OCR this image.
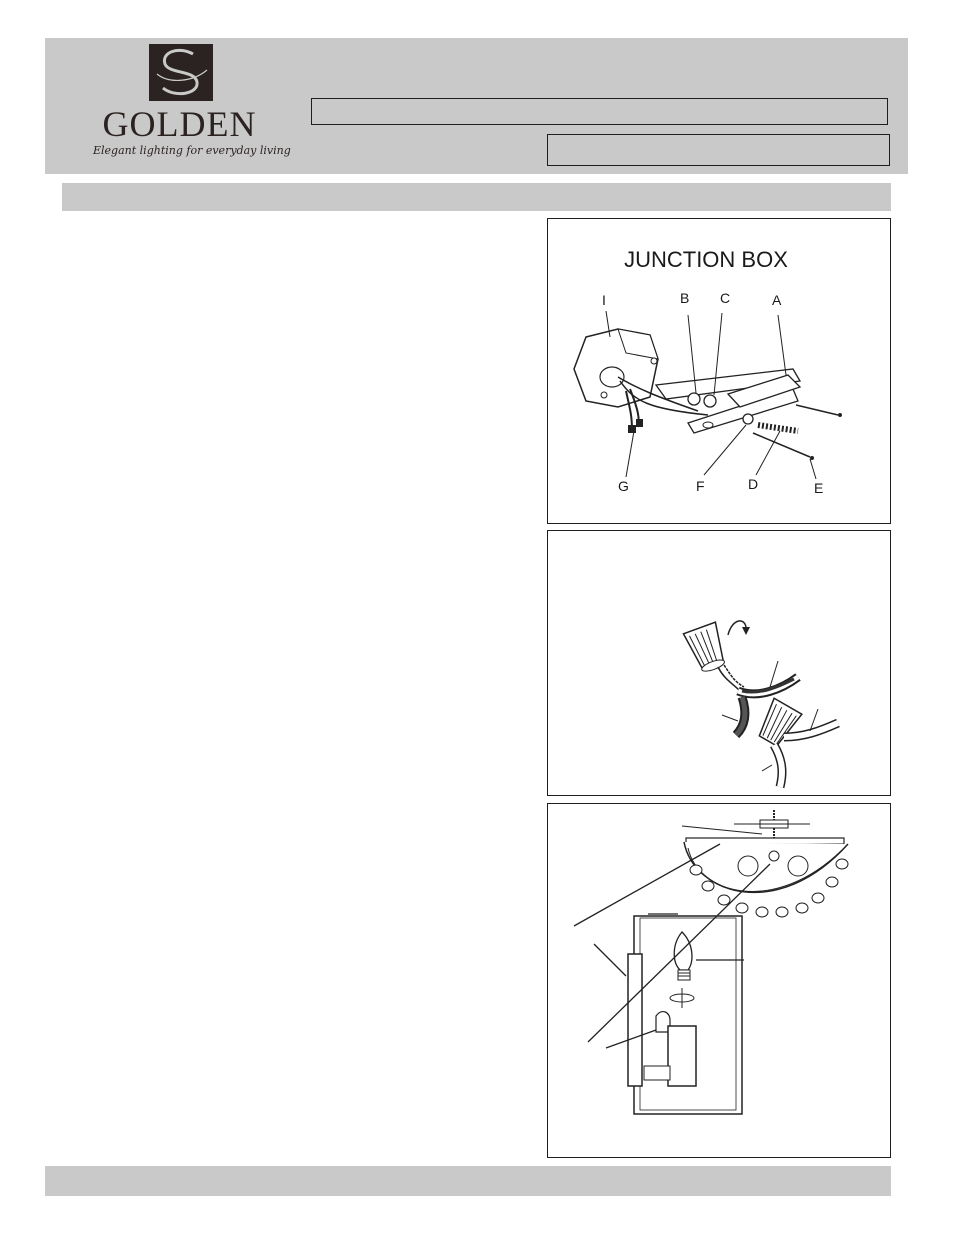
GOLDEN
Elegant lighting for everyday living
JUNCTION BOX
I	B C	A
G	F	D	E
